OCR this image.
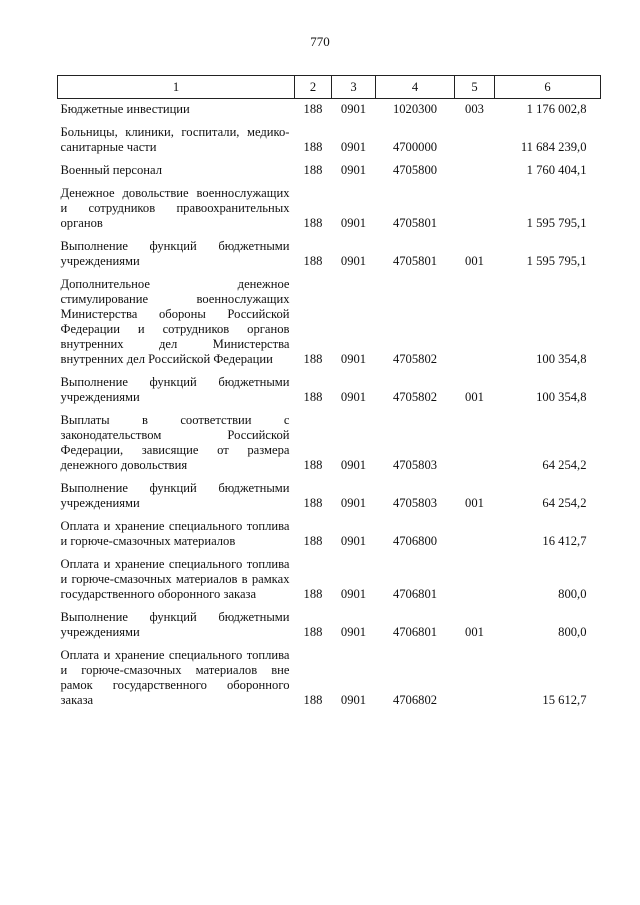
770
1	2	3	4	5	6
Бюджетные инвестиции	188	0901	1020300	003	1 176 002,8
Больницы, клиники, госпитали, медико-санитарные части	188	0901	4700000		11 684 239,0
Военный персонал	188	0901	4705800		1 760 404,1
Денежное довольствие военнослужащих и сотрудников правоохранительных органов	188	0901	4705801		1 595 795,1
Выполнение функций бюджетными учреждениями	188	0901	4705801	001	1 595 795,1
Дополнительное денежное стимулирование военнослужащих Министерства обороны Российской Федерации и сотрудников органов внутренних дел Министерства внутренних дел Российской Федерации	188	0901	4705802		100 354,8
Выполнение функций бюджетными учреждениями	188	0901	4705802	001	100 354,8
Выплаты в соответствии с законодательством Российской Федерации, зависящие от размера денежного довольствия	188	0901	4705803		64 254,2
Выполнение функций бюджетными учреждениями	188	0901	4705803	001	64 254,2
Оплата и хранение специального топлива и горюче-смазочных материалов	188	0901	4706800		16 412,7
Оплата и хранение специального топлива и горюче-смазочных материалов в рамках государственного оборонного заказа	188	0901	4706801		800,0
Выполнение функций бюджетными учреждениями	188	0901	4706801	001	800,0
Оплата и хранение специального топлива и горюче-смазочных материалов вне рамок государственного оборонного заказа	188	0901	4706802		15 612,7
